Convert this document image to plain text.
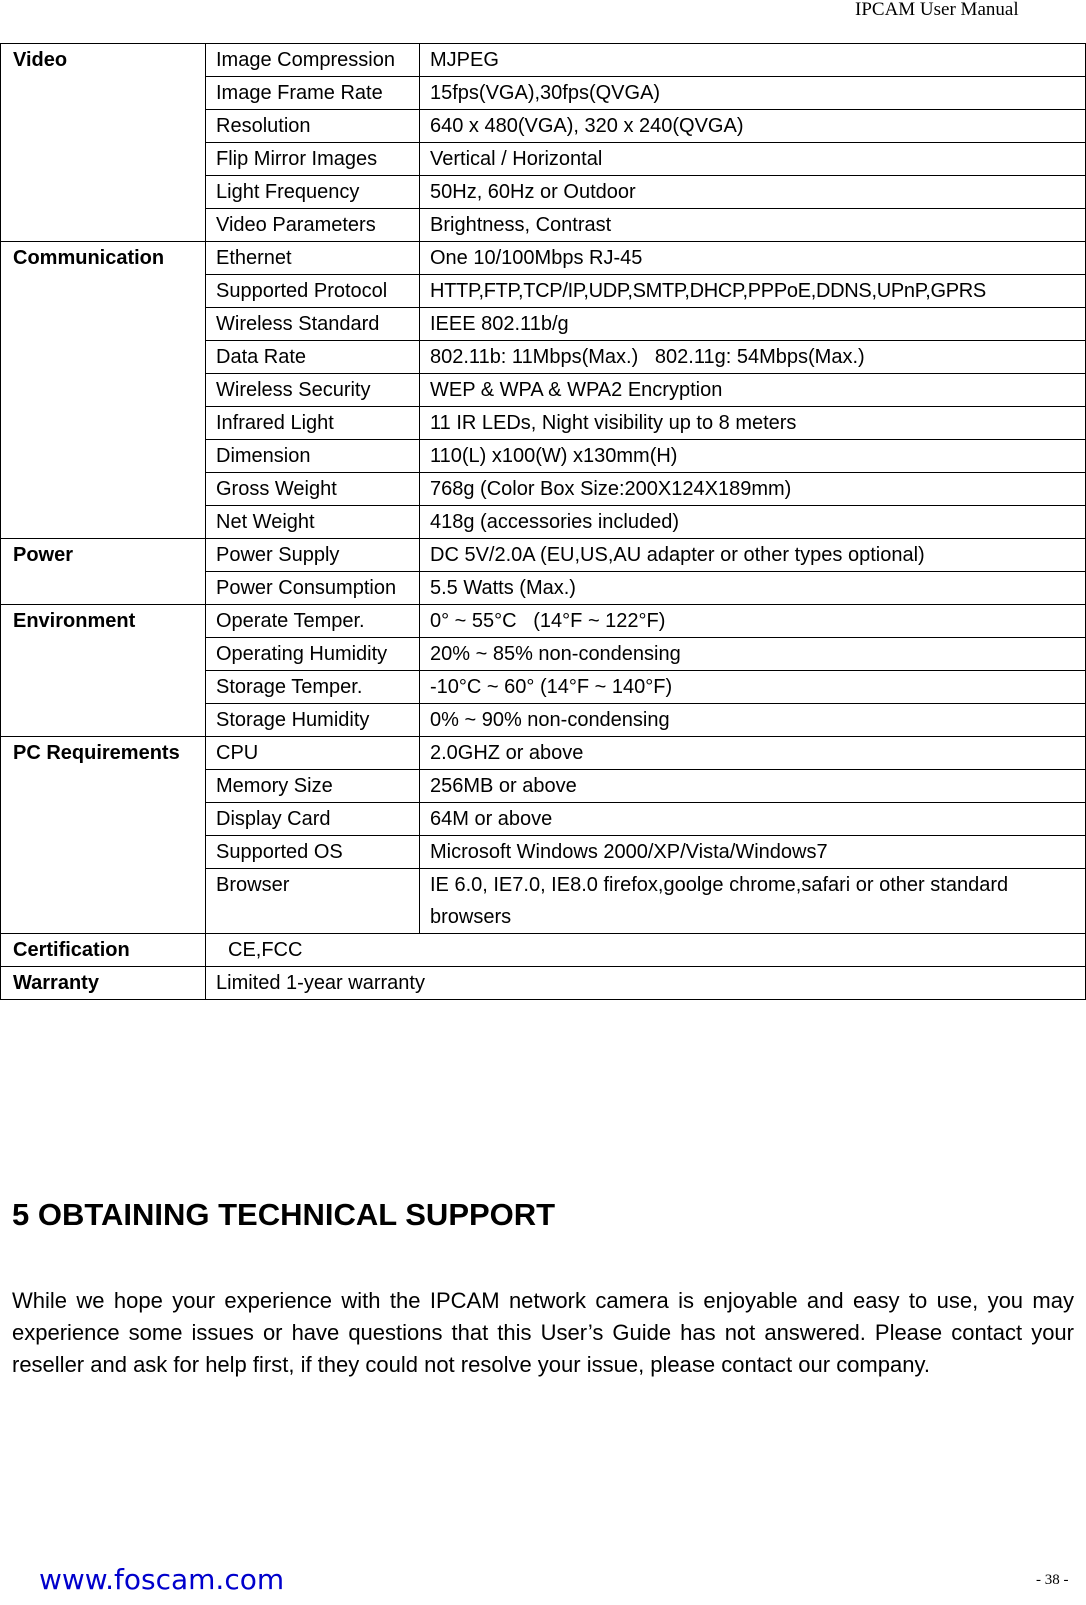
IPCAM User Manual
Video	Image Compression	MJPEG
	Image Frame Rate	15fps(VGA),30fps(QVGA)
	Resolution	640 x 480(VGA), 320 x 240(QVGA)
	Flip Mirror Images	Vertical / Horizontal
	Light Frequency	50Hz, 60Hz or Outdoor
	Video Parameters	Brightness, Contrast
Communication	Ethernet	One 10/100Mbps RJ-45
	Supported Protocol	HTTP,FTP,TCP/IP,UDP,SMTP,DHCP,PPPoE,DDNS,UPnP,GPRS
	Wireless Standard	IEEE 802.11b/g
	Data Rate	802.11b: 11Mbps(Max.)   802.11g: 54Mbps(Max.)
	Wireless Security	WEP & WPA & WPA2 Encryption
	Infrared Light	11 IR LEDs, Night visibility up to 8 meters
	Dimension	110(L) x100(W) x130mm(H)
	Gross Weight	768g (Color Box Size:200X124X189mm)
	Net Weight	418g (accessories included)
Power	Power Supply	DC 5V/2.0A (EU,US,AU adapter or other types optional)
	Power Consumption	5.5 Watts (Max.)
Environment	Operate Temper.	0° ~ 55°C   (14°F ~ 122°F)
	Operating Humidity	20% ~ 85% non-condensing
	Storage Temper.	-10°C ~ 60° (14°F ~ 140°F)
	Storage Humidity	0% ~ 90% non-condensing
PC Requirements	CPU	2.0GHZ or above
	Memory Size	256MB or above
	Display Card	64M or above
	Supported OS	Microsoft Windows 2000/XP/Vista/Windows7
	Browser	IE 6.0, IE7.0, IE8.0 firefox,goolge chrome,safari or other standard browsers
Certification	CE,FCC	
Warranty	Limited 1-year warranty	
5 OBTAINING TECHNICAL SUPPORT

While we hope your experience with the IPCAM network camera is enjoyable and easy to use, you may experience some issues or have questions that this User’s Guide has not answered. Please contact your reseller and ask for help first, if they could not resolve your issue, please contact our company.

www.foscam.com	- 38 -
